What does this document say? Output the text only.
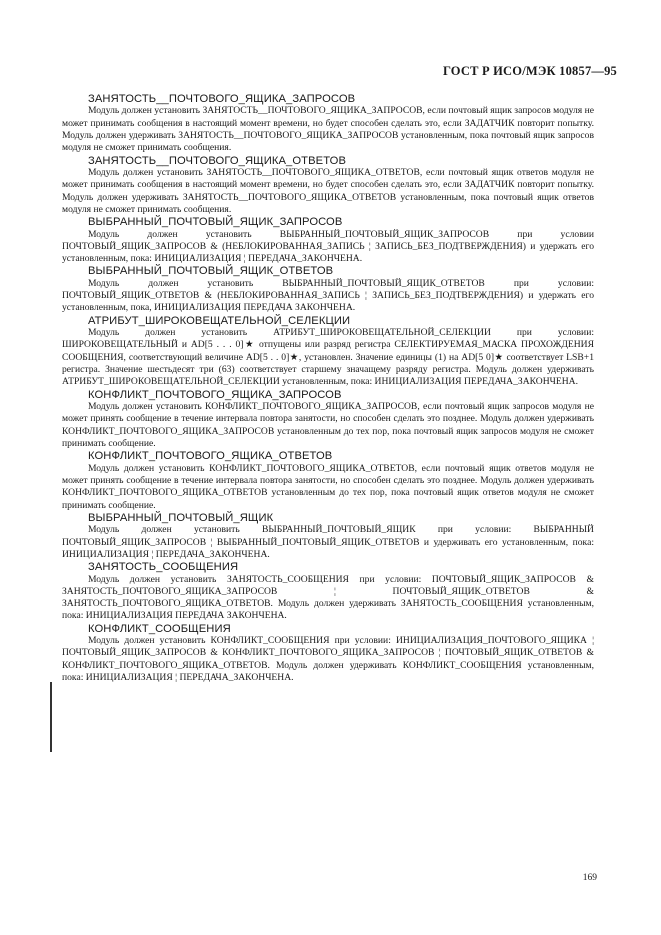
ГОСТ Р ИСО/МЭК 10857—95

ЗАНЯТОСТЬ__ПОЧТОВОГО_ЯЩИКА_ЗАПРОСОВ

Модуль должен установить ЗАНЯТОСТЬ__ПОЧТОВОГО_ЯЩИКА_ЗАПРОСОВ, если почтовый ящик запросов модуля не может принимать сообщения в настоящий момент времени, но будет способен сделать это, если ЗАДАТЧИК повторит попытку. Модуль должен удерживать ЗАНЯТОСТЬ__ПОЧТОВОГО_ЯЩИКА_ЗАПРОСОВ установленным, пока почтовый ящик запросов модуля не сможет принимать сообщения.

ЗАНЯТОСТЬ__ПОЧТОВОГО_ЯЩИКА_ОТВЕТОВ

Модуль должен установить ЗАНЯТОСТЬ__ПОЧТОВОГО_ЯЩИКА_ОТВЕТОВ, если почтовый ящик ответов модуля не может принимать сообщения в настоящий момент времени, но будет способен сделать это, если ЗАДАТЧИК повторит попытку. Модуль должен удерживать ЗАНЯТОСТЬ__ПОЧТОВОГО_ЯЩИКА_ОТВЕТОВ установленным, пока почтовый ящик ответов модуля не сможет принимать сообщения.

ВЫБРАННЫЙ_ПОЧТОВЫЙ_ЯЩИК_ЗАПРОСОВ

Модуль должен установить ВЫБРАННЫЙ_ПОЧТОВЫЙ_ЯЩИК_ЗАПРОСОВ при условии ПОЧТОВЫЙ_ЯЩИК_ЗАПРОСОВ & (НЕБЛОКИРОВАННАЯ_ЗАПИСЬ ¦ ЗАПИСЬ_БЕЗ_ПОДТВЕРЖДЕНИЯ) и удержать его установленным, пока: ИНИЦИАЛИЗАЦИЯ ¦ ПЕРЕДАЧА_ЗАКОНЧЕНА.

ВЫБРАННЫЙ_ПОЧТОВЫЙ_ЯЩИК_ОТВЕТОВ

Модуль должен установить ВЫБРАННЫЙ_ПОЧТОВЫЙ_ЯЩИК_ОТВЕТОВ при условии: ПОЧТОВЫЙ_ЯЩИК_ОТВЕТОВ & (НЕБЛОКИРОВАННАЯ_ЗАПИСЬ ¦ ЗАПИСЬ_БЕЗ_ПОДТВЕРЖДЕНИЯ) и удержать его установленным, пока, ИНИЦИАЛИЗАЦИЯ ПЕРЕДАЧА ЗАКОНЧЕНА.

АТРИБУТ_ШИРОКОВЕЩАТЕЛЬНОЙ_СЕЛЕКЦИИ

Модуль должен установить АТРИБУТ_ШИРОКОВЕЩАТЕЛЬНОЙ_СЕЛЕКЦИИ при условии: ШИРОКОВЕЩАТЕЛЬНЫЙ и AD[5 . . . 0]★ отпущены или разряд регистра СЕЛЕКТИРУЕМАЯ_МАСКА ПРОХОЖДЕНИЯ СООБЩЕНИЯ, соответствующий величине AD[5 . . 0]★, установлен. Значение единицы (1) на AD[5 0]★ соответствует LSB+1 регистра. Значение шестьдесят три (63) соответствует старшему значащему разряду регистра. Модуль должен удерживать АТРИБУТ_ШИРОКОВЕЩАТЕЛЬНОЙ_СЕЛЕКЦИИ установленным, пока: ИНИЦИАЛИЗАЦИЯ ПЕРЕДАЧА_ЗАКОНЧЕНА.

КОНФЛИКТ_ПОЧТОВОГО_ЯЩИКА_ЗАПРОСОВ

Модуль должен установить КОНФЛИКТ_ПОЧТОВОГО_ЯЩИКА_ЗАПРОСОВ, если почтовый ящик запросов модуля не может принять сообщение в течение интервала повтора занятости, но способен сделать это позднее. Модуль должен удерживать КОНФЛИКТ_ПОЧТОВОГО_ЯЩИКА_ЗАПРОСОВ установленным до тех пор, пока почтовый ящик запросов модуля не сможет принимать сообщение.

КОНФЛИКТ_ПОЧТОВОГО_ЯЩИКА_ОТВЕТОВ

Модуль должен установить КОНФЛИКТ_ПОЧТОВОГО_ЯЩИКА_ОТВЕТОВ, если почтовый ящик ответов модуля не может принять сообщение в течение интервала повтора занятости, но способен сделать это позднее. Модуль должен удерживать КОНФЛИКТ_ПОЧТОВОГО_ЯЩИКА_ОТВЕТОВ установленным до тех пор, пока почтовый ящик ответов модуля не сможет принимать сообщение.

ВЫБРАННЫЙ_ПОЧТОВЫЙ_ЯЩИК

Модуль должен установить ВЫБРАННЫЙ_ПОЧТОВЫЙ_ЯЩИК при условии: ВЫБРАННЫЙ ПОЧТОВЫЙ_ЯЩИК_ЗАПРОСОВ ¦ ВЫБРАННЫЙ_ПОЧТОВЫЙ_ЯЩИК_ОТВЕТОВ и удерживать его установленным, пока: ИНИЦИАЛИЗАЦИЯ ¦ ПЕРЕДАЧА_ЗАКОНЧЕНА.

ЗАНЯТОСТЬ_СООБЩЕНИЯ

Модуль должен установить ЗАНЯТОСТЬ_СООБЩЕНИЯ при условии: ПОЧТОВЫЙ_ЯЩИК_ЗАПРОСОВ & ЗАНЯТОСТЬ_ПОЧТОВОГО_ЯЩИКА_ЗАПРОСОВ ¦ ПОЧТОВЫЙ_ЯЩИК_ОТВЕТОВ & ЗАНЯТОСТЬ_ПОЧТОВОГО_ЯЩИКА_ОТВЕТОВ. Модуль должен удерживать ЗАНЯТОСТЬ_СООБЩЕНИЯ установленным, пока: ИНИЦИАЛИЗАЦИЯ ПЕРЕДАЧА ЗАКОНЧЕНА.

КОНФЛИКТ_СООБЩЕНИЯ

Модуль должен установить КОНФЛИКТ_СООБЩЕНИЯ при условии: ИНИЦИАЛИЗАЦИЯ_ПОЧТОВОГО_ЯЩИКА ¦ ПОЧТОВЫЙ_ЯЩИК_ЗАПРОСОВ & КОНФЛИКТ_ПОЧТОВОГО_ЯЩИКА_ЗАПРОСОВ ¦ ПОЧТОВЫЙ_ЯЩИК_ОТВЕТОВ & КОНФЛИКТ_ПОЧТОВОГО_ЯЩИКА_ОТВЕТОВ. Модуль должен удерживать КОНФЛИКТ_СООБЩЕНИЯ установленным, пока: ИНИЦИАЛИЗАЦИЯ ¦ ПЕРЕДАЧА_ЗАКОНЧЕНА.

169
